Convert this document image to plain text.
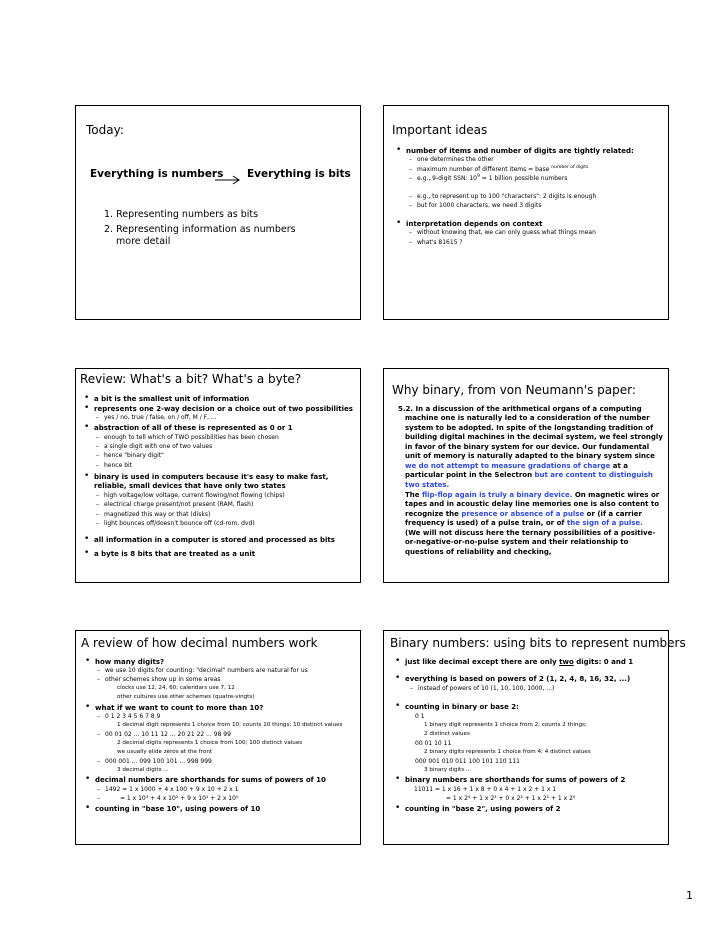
Today:
Everything is numbers Everything is bits
1. Representing numbers as bits
2. Representing information as numbers
more detail
Important ideas
• number of items and number of digits are tightly related:
– one determines the other
– maximum number of different items = base $^{number of digits}$
– e.g., 9-digit SSN: $10^9 = 1$ billion possible numbers
– e.g., to represent up to 100 "characters": 2 digits is enough
– but for 1000 characters, we need 3 digits
• interpretation depends on context
– without knowing that, we can only guess what things mean
– what's 81615 ?
Review: What's a bit? What's a byte?
• a bit is the smallest unit of information
• represents one 2-way decision or a choice out of two possibilities
– yes / no, true / false, on / off, M / F, ...
• abstraction of all of these is represented as 0 or 1
– enough to tell which of TWO possibilities has been chosen
– a single digit with one of two values
– hence "binary digit"
– hence bit
• binary is used in computers because it's easy to make fast,
reliable, small devices that have only two states
– high voltage/low voltage, current flowing/not flowing (chips)
– electrical charge present/not present (RAM, flash)
– magnetized this way or that (disks)
– light bounces off/doesn't bounce off (cd-rom, dvd)
• all information in a computer is stored and processed as bits
• a byte is 8 bits that are treated as a unit
Why binary, from von Neumann's paper:
5.2. In a discussion of the arithmetical organs of a computing
machine one is naturally led to a consideration of the number
system to be adopted. In spite of the longstanding tradition of
building digital machines in the decimal system, we feel strongly
in favor of the binary system for our device. Our fundamental
unit of memory is naturally adapted to the binary system since
we do not attempt to measure gradations of charge at a
particular point in the Selectron but are content to distinguish
two states.
The flip-flop again is truly a binary device. On magnetic wires or
tapes and in acoustic delay line memories one is also content to
recognize the presence or absence of a pulse or (if a carrier
frequency is used) of a pulse train, or of the sign of a pulse.
(We will not discuss here the ternary possibilities of a positive-
or-negative-or-no-pulse system and their relationship to
questions of reliability and checking,
A review of how decimal numbers work
• how many digits?
– we use 10 digits for counting: "decimal" numbers are natural for us
– other schemes show up in some areas
clocks use 12, 24, 60; calendars use 7, 12
other cultures use other schemes (quatre-vingts)
• what if we want to count to more than 10?
– 0 1 2 3 4 5 6 7 8 9
1 decimal digit represents 1 choice from 10; counts 10 things; 10 distinct values
– 00 01 02 ... 10 11 12 ... 20 21 22 ... 98 99
2 decimal digits represents 1 choice from 100; 100 distinct values
we usually elide zeros at the front
– 000 001 ... 099 100 101 ... 998 999
3 decimal digits ...
• decimal numbers are shorthands for sums of powers of 10
– 1492 = 1 x 1000 + 4 x 100 + 9 x 10 + 2 x 1
–	= 1 x 10³ + 4 x 10² + 9 x 10¹ + 2 x 10⁰
• counting in "base 10", using powers of 10
Binary numbers: using bits to represent numbers
• just like decimal except there are only two digits: 0 and 1
• everything is based on powers of 2 (1, 2, 4, 8, 16, 32, ...)
– instead of powers of 10 (1, 10, 100, 1000, ...)
• counting in binary or base 2:
0 1
1 binary digit represents 1 choice from 2; counts 2 things;
2 distinct values
00 01 10 11
2 binary digits represents 1 choice from 4; 4 distinct values
000 001 010 011 100 101 110 111
3 binary digits ...
• binary numbers are shorthands for sums of powers of 2
11011 = 1 x 16 + 1 x 8 + 0 x 4 + 1 x 2 + 1 x 1
= 1 x 2⁴ + 1 x 2³ + 0 x 2² + 1 x 2¹ + 1 x 2⁰
• counting in "base 2", using powers of 2
1
